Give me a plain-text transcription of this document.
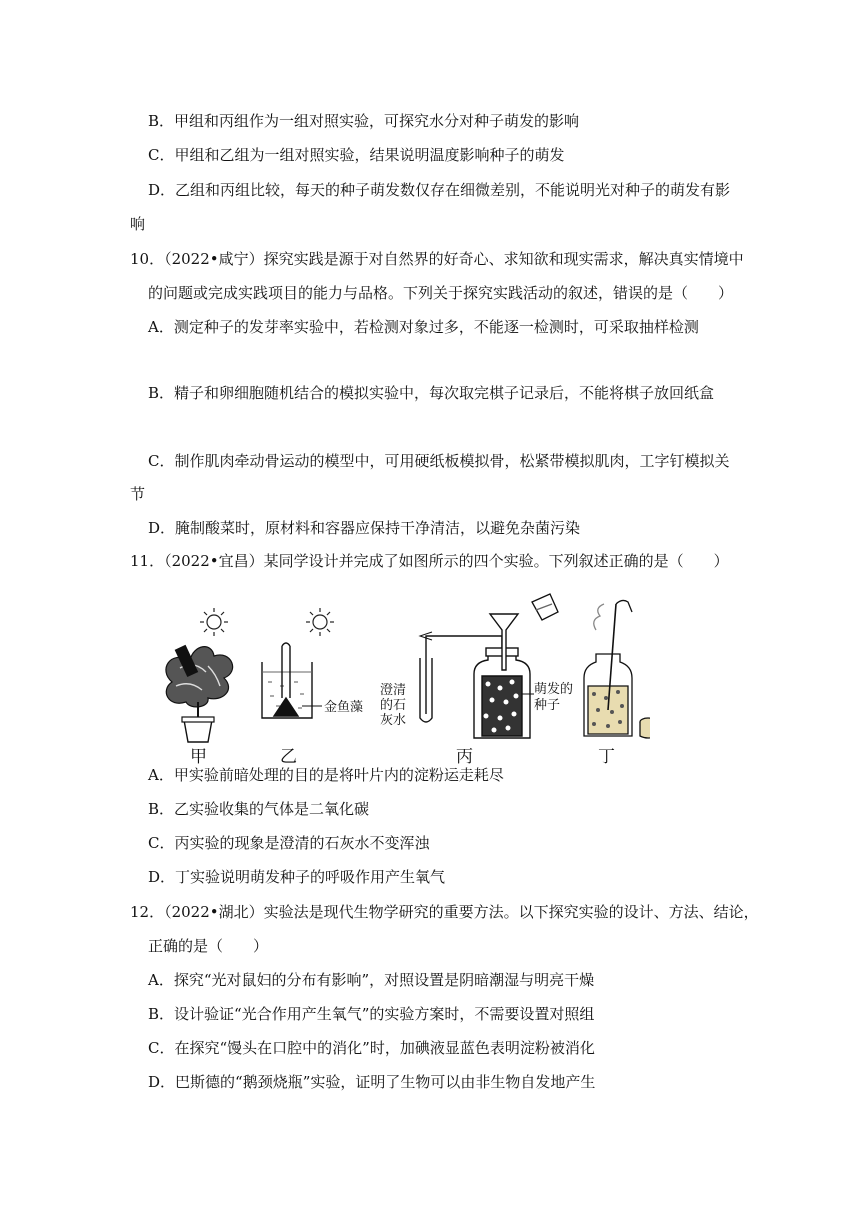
B．甲组和丙组作为一组对照实验，可探究水分对种子萌发的影响
C．甲组和乙组为一组对照实验，结果说明温度影响种子的萌发
D．乙组和丙组比较，每天的种子萌发数仅存在细微差别，不能说明光对种子的萌发有影
响
10．（2022•咸宁）探究实践是源于对自然界的好奇心、求知欲和现实需求，解决真实情境中
的问题或完成实践项目的能力与品格。下列关于探究实践活动的叙述，错误的是（　　）
A．测定种子的发芽率实验中，若检测对象过多，不能逐一检测时，可采取抽样检测
B．精子和卵细胞随机结合的模拟实验中，每次取完棋子记录后，不能将棋子放回纸盒
C．制作肌肉牵动骨运动的模型中，可用硬纸板模拟骨，松紧带模拟肌肉，工字钉模拟关
节
D．腌制酸菜时，原材料和容器应保持干净清洁，以避免杂菌污染
11．（2022•宜昌）某同学设计并完成了如图所示的四个实验。下列叙述正确的是（　　）
甲
金鱼藻
乙
澄清
的石
灰水
萌发的
种子
丙	丁
A．甲实验前暗处理的目的是将叶片内的淀粉运走耗尽
B．乙实验收集的气体是二氧化碳
C．丙实验的现象是澄清的石灰水不变浑浊
D．丁实验说明萌发种子的呼吸作用产生氧气
12．（2022•湖北）实验法是现代生物学研究的重要方法。以下探究实验的设计、方法、结论，
正确的是（　　）
A．探究“光对鼠妇的分布有影响”，对照设置是阴暗潮湿与明亮干燥
B．设计验证“光合作用产生氧气”的实验方案时，不需要设置对照组
C．在探究“馒头在口腔中的消化”时，加碘液显蓝色表明淀粉被消化
D．巴斯德的“鹅颈烧瓶”实验，证明了生物可以由非生物自发地产生
